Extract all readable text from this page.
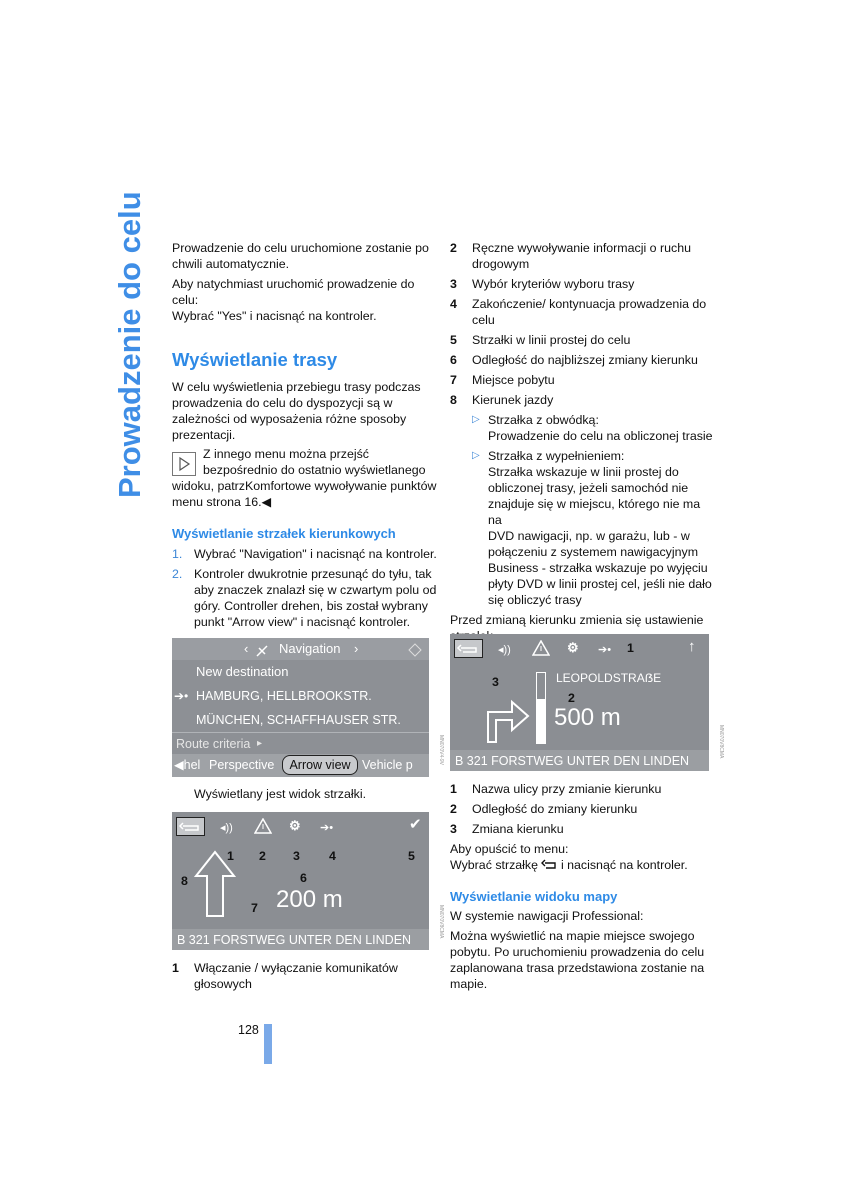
Prowadzenie do celu Prowadzenie do celu uruchomione zostanie po
chwili automatycznie.

Aby natychmiast uruchomić prowadzenie do
celu:
Wybrać "Yes" i nacisnąć na kontroler.

Wyświetlanie trasy
W celu wyświetlenia przebiegu trasy podczas
prowadzenia do celu do dyspozycji są w
zależności od wyposażenia różne sposoby
prezentacji.
Z innego menu można przejść
bezpośrednio do ostatnio wyświetlanego
widoku, patrzKomfortowe wywoływanie punktów
menu strona 16.◀
Wyświetlanie strzałek kierunkowych
1. Wybrać "Navigation" i nacisnąć na kontroler.
2. Kontroler dwukrotnie przesunąć do tyłu, tak
aby znaczek znalazł się w czwartym polu od
góry. Controller drehen, bis został wybrany
punkt "Arrow view" i nacisnąć kontroler.
‹ Navigation ›
New destination
➔• HAMBURG, HELLBROOKSTR.
MÜNCHEN, SCHAFFHAUSER STR.
Route criteria ▸
◀hel Perspective	Arrow view Vehicle p	MN070V4-9V
Wyświetlany jest widok strzałki.
◂))	⚙ ➔•	✔
1 2 3 4	5
6
7
8
200 m
B 321 FORSTWEG UNTER DEN LINDEN
MN070V8CMA
1 Włączanie / wyłączanie komunikatów
głosowych
2 Ręczne wywoływanie informacji o ruchu
drogowym
3 Wybór kryteriów wyboru trasy
4 Zakończenie/ kontynuacja prowadzenia do
celu
5 Strzałki w linii prostej do celu
6 Odległość do najbliższej zmiany kierunku
7 Miejsce pobytu
8 Kierunek jazdy
▷ Strzałka z obwódką:
Prowadzenie do celu na obliczonej trasie
▷ Strzałka z wypełnieniem:
Strzałka wskazuje w linii prostej do
obliczonej trasy, jeżeli samochód nie
znajduje się w miejscu, którego nie ma na
DVD nawigacji, np. w garażu, lub - w
połączeniu z systemem nawigacyjnym
Business - strzałka wskazuje po wyjęciu
płyty DVD w linii prostej cel, jeśli nie dało
się obliczyć trasy

Przed zmianą kierunku zmienia się ustawienie

◂))	⚙ ➔•	↑
1
LEOPOLDSTRAẞE
2
3
500 m
B 321 FORSTWEG UNTER DEN LINDEN
MN070V8CMA
1 Nazwa ulicy przy zmianie kierunku
2 Odległość do zmiany kierunku
3 Zmiana kierunku

Aby opuścić to menu:
Wybrać strzałkę i nacisnąć na kontroler.

Wyświetlanie widoku mapy
W systemie nawigacji Professional:
Można wyświetlić na mapie miejsce swojego
pobytu. Po uruchomieniu prowadzenia do celu
zaplanowana trasa przedstawiona zostanie na
mapie.
128
